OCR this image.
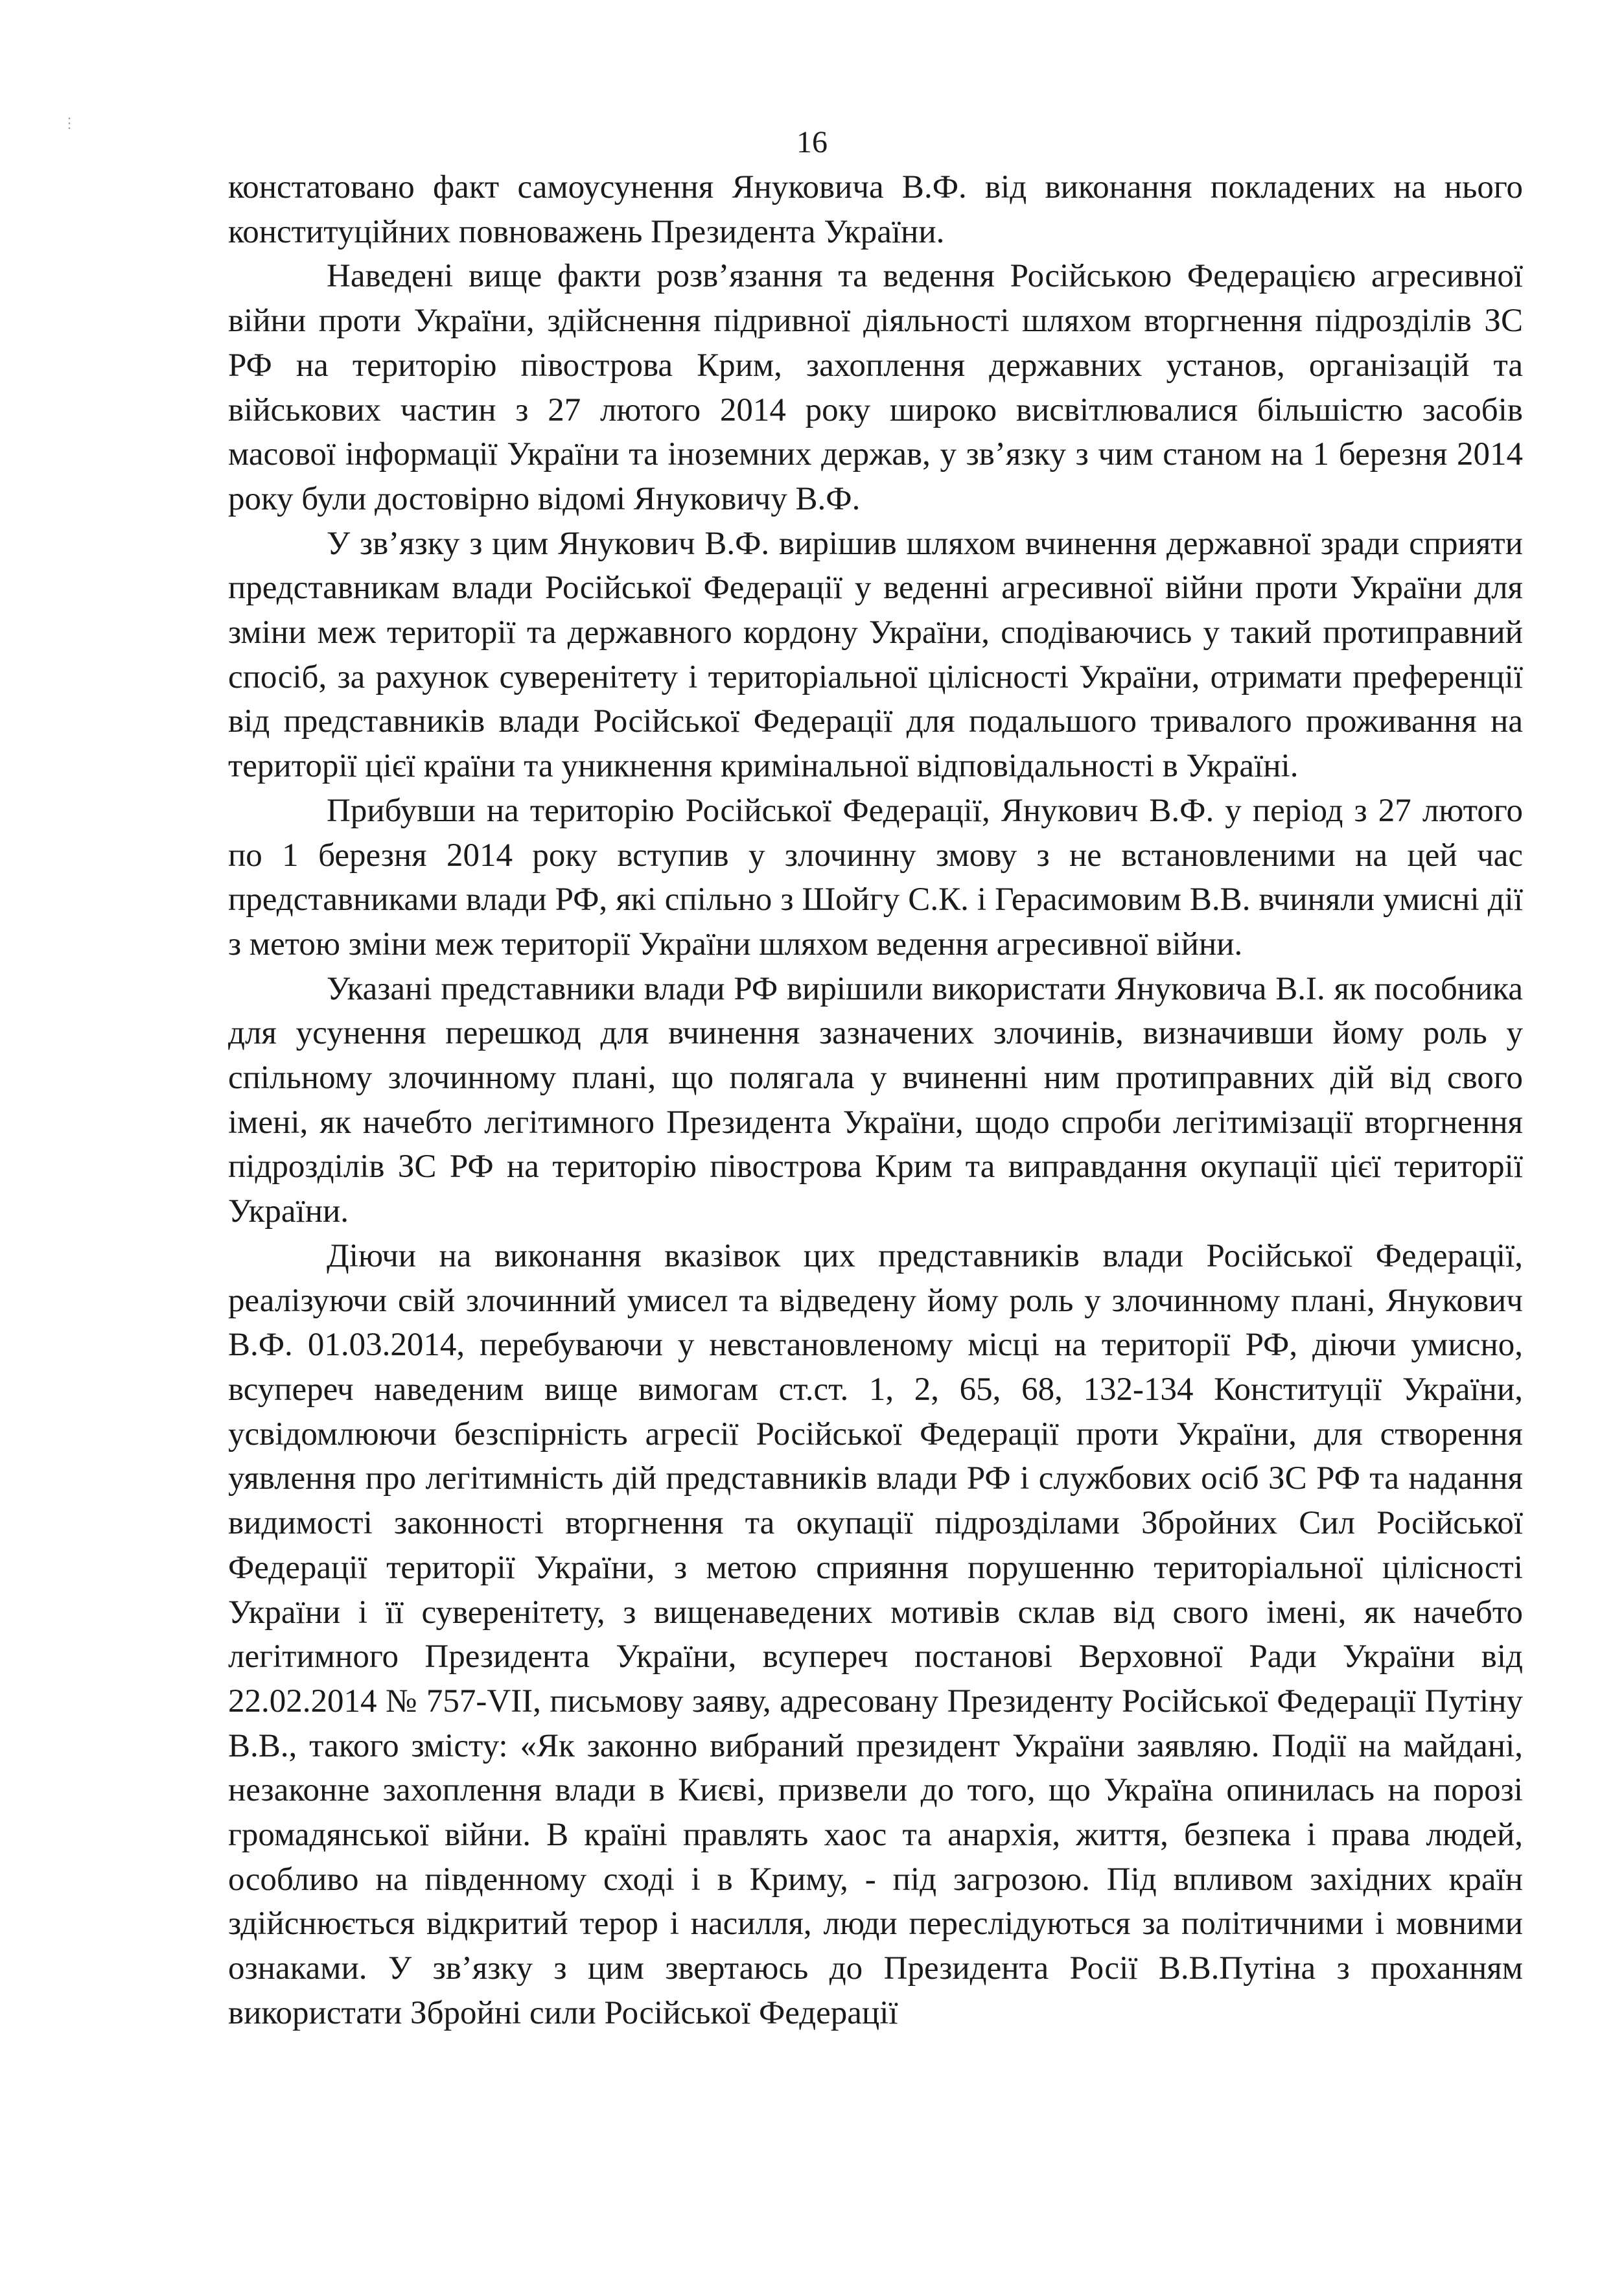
⋮
16

констатовано факт самоусунення Януковича В.Ф. від виконання покладених на нього конституційних повноважень Президента України.

Наведені вище факти розв’язання та ведення Російською Федерацією агресивної війни проти України, здійснення підривної діяльності шляхом вторгнення підрозділів ЗС РФ на територію півострова Крим, захоплення державних установ, організацій та військових частин з 27 лютого 2014 року широко висвітлювалися більшістю засобів масової інформації України та іноземних держав, у зв’язку з чим станом на 1 березня 2014 року були достовірно відомі Януковичу В.Ф.

У зв’язку з цим Янукович В.Ф. вирішив шляхом вчинення державної зради сприяти представникам влади Російської Федерації у веденні агресивної війни проти України для зміни меж території та державного кордону України, сподіваючись у такий протиправний спосіб, за рахунок суверенітету і територіальної цілісності України, отримати преференції від представників влади Російської Федерації для подальшого тривалого проживання на території цієї країни та уникнення кримінальної відповідальності в Україні.

Прибувши на територію Російської Федерації, Янукович В.Ф. у період з 27 лютого по 1 березня 2014 року вступив у злочинну змову з не встановленими на цей час представниками влади РФ, які спільно з Шойгу С.К. і Герасимовим В.В. вчиняли умисні дії з метою зміни меж території України шляхом ведення агресивної війни.

Указані представники влади РФ вирішили використати Януковича В.І. як пособника для усунення перешкод для вчинення зазначених злочинів, визначивши йому роль у спільному злочинному плані, що полягала у вчиненні ним протиправних дій від свого імені, як начебто легітимного Президента України, щодо спроби легітимізації вторгнення підрозділів ЗС РФ на територію півострова Крим та виправдання окупації цієї території України.

Діючи на виконання вказівок цих представників влади Російської Федерації, реалізуючи свій злочинний умисел та відведену йому роль у злочинному плані, Янукович В.Ф. 01.03.2014, перебуваючи у невстановленому місці на території РФ, діючи умисно, всупереч наведеним вище вимогам ст.ст. 1, 2, 65, 68, 132-134 Конституції України, усвідомлюючи безспірність агресії Російської Федерації проти України, для створення уявлення про легітимність дій представників влади РФ і службових осіб ЗС РФ та надання видимості законності вторгнення та окупації підрозділами Збройних Сил Російської Федерації території України, з метою сприяння порушенню територіальної цілісності України і її суверенітету, з вищенаведених мотивів склав від свого імені, як начебто легітимного Президента України, всупереч постанові Верховної Ради України від 22.02.2014 № 757-VII, письмову заяву, адресовану Президенту Російської Федерації Путіну В.В., такого змісту: «Як законно вибраний президент України заявляю. Події на майдані, незаконне захоплення влади в Києві, призвели до того, що Україна опинилась на порозі громадянської війни. В країні правлять хаос та анархія, життя, безпека і права людей, особливо на південному сході і в Криму, - під загрозою. Під впливом західних країн здійснюється відкритий терор і насилля, люди переслідуються за політичними і мовними ознаками. У зв’язку з цим звертаюсь до Президента Росії В.В.Путіна з проханням використати Збройні сили Російської Федерації
